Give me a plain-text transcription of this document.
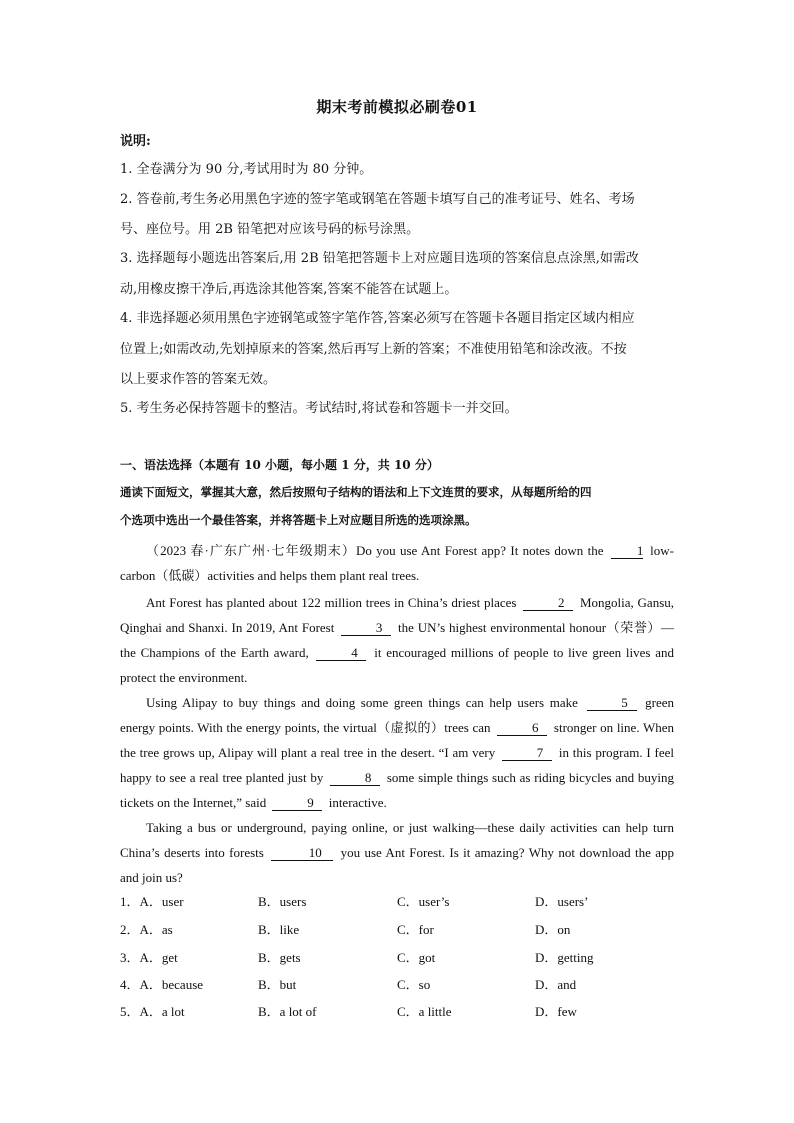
期末考前模拟必刷卷01
说明:
1. 全卷满分为 90 分,考试用时为 80 分钟。
2. 答卷前,考生务必用黑色字迹的签字笔或钢笔在答题卡填写自己的准考证号、姓名、考场
号、座位号。用 2B 铅笔把对应该号码的标号涂黑。
3. 选择题每小题选出答案后,用 2B 铅笔把答题卡上对应题目选项的答案信息点涂黑,如需改
动,用橡皮擦干净后,再选涂其他答案,答案不能答在试题上。
4. 非选择题必须用黑色字迹钢笔或签字笔作答,答案必须写在答题卡各题目指定区域内相应
位置上;如需改动,先划掉原来的答案,然后再写上新的答案；不准使用铅笔和涂改液。不按
以上要求作答的答案无效。
5. 考生务必保持答题卡的整洁。考试结时,将试卷和答题卡一并交回。
一、语法选择（本题有 10 小题，每小题 1 分，共 10 分）
通读下面短文，掌握其大意，然后按照句子结构的语法和上下文连贯的要求，从每题所给的四
个选项中选出一个最佳答案，并将答题卡上对应题目所选的选项涂黑。
（2023 春·广东广州·七年级期末）Do you use Ant Forest app? It notes down the	1 low-carbon（低碳）activities and helps them plant real trees.
Ant Forest has planted about 122 million trees in China’s driest places	2 Mongolia, Gansu, Qinghai and Shanxi. In 2019, Ant Forest	3 the UN’s highest environmental honour（荣誉）—the Champions of the Earth award,	4 it encouraged millions of people to live green lives and protect the environment.
Using Alipay to buy things and doing some green things can help users make	5 green energy points. With the energy points, the virtual（虚拟的）trees can	6 stronger on line. When the tree grows up, Alipay will plant a real tree in the desert. “I am very	7 in this program. I feel happy to see a real tree planted just by	8 some simple things such as riding bicycles and buying tickets on the Internet,” said	9 interactive.
Taking a bus or underground, paying online, or just walking—these daily activities can help turn China’s deserts into forests	10 you use Ant Forest. Is it amazing? Why not download the app and join us?
1．A．user	B．users	C．user’s	D．users’
2．A．as	B．like	C．for	D．on
3．A．get	B．gets	C．got	D．getting
4．A．because	B．but	C．so	D．and
5．A．a lot	B．a lot of	C．a little	D．few
